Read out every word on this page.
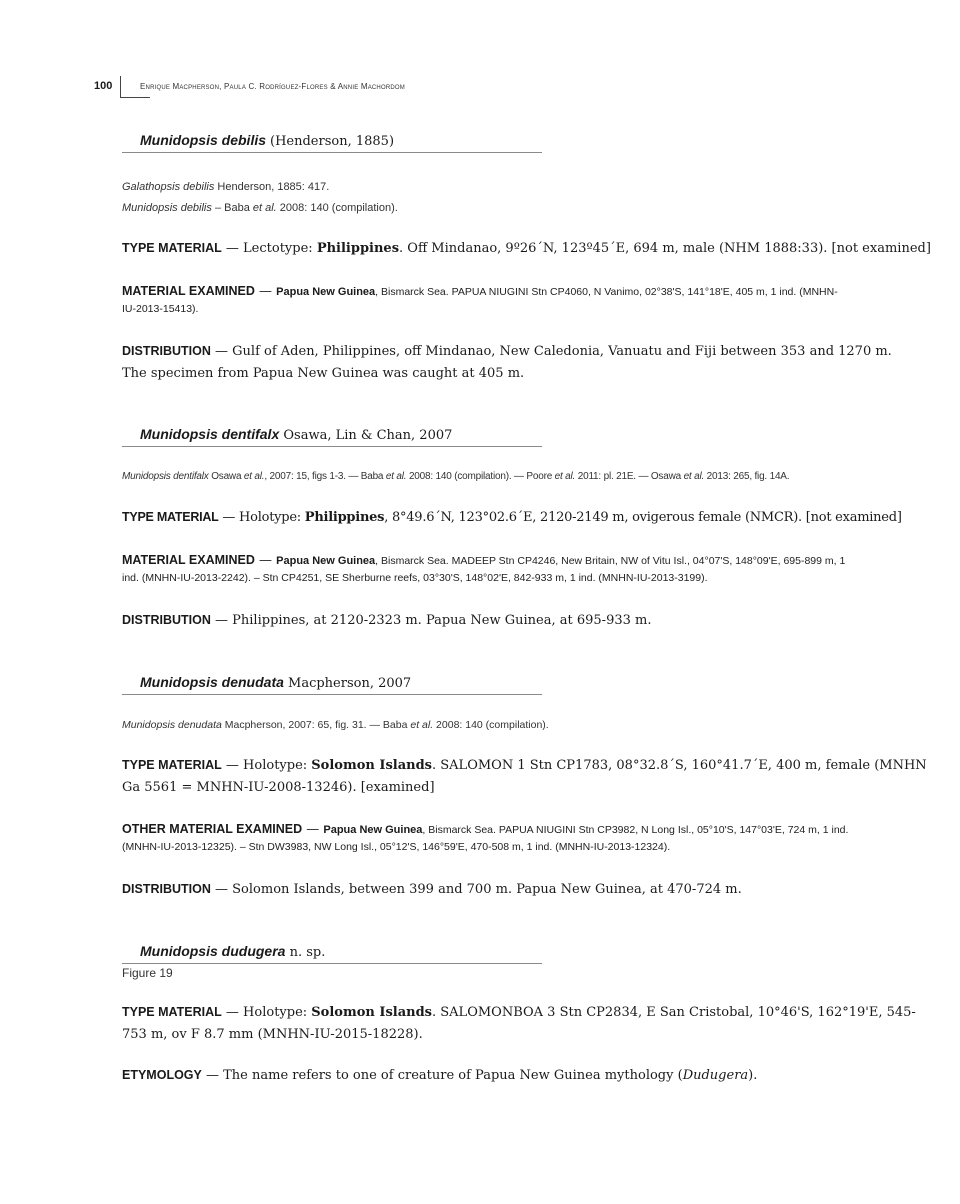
100	Enrique Macpherson, Paula C. Rodríguez-Flores & Annie Machordom
Munidopsis debilis (Henderson, 1885)
Galathopsis debilis Henderson, 1885: 417.
Munidopsis debilis – Baba et al. 2008: 140 (compilation).
TYPE MATERIAL — Lectotype: Philippines. Off Mindanao, 9º26´N, 123º45´E, 694 m, male (NHM 1888:33). [not examined]
MATERIAL EXAMINED — Papua New Guinea, Bismarck Sea. PAPUA NIUGINI Stn CP4060, N Vanimo, 02°38'S, 141°18'E, 405 m, 1 ind. (MNHN-
IU-2013-15413).
DISTRIBUTION — Gulf of Aden, Philippines, off Mindanao, New Caledonia, Vanuatu and Fiji between 353 and 1270 m.
The specimen from Papua New Guinea was caught at 405 m.
Munidopsis dentifalx Osawa, Lin & Chan, 2007
Munidopsis dentifalx Osawa et al., 2007: 15, figs 1-3. — Baba et al. 2008: 140 (compilation). — Poore et al. 2011: pl. 21E. — Osawa et al. 2013: 265, fig. 14A.
TYPE MATERIAL — Holotype: Philippines, 8°49.6´N, 123°02.6´E, 2120-2149 m, ovigerous female (NMCR). [not examined]
MATERIAL EXAMINED — Papua New Guinea, Bismarck Sea. MADEEP Stn CP4246, New Britain, NW of Vitu Isl., 04°07'S, 148°09'E, 695-899 m, 1
ind. (MNHN-IU-2013-2242). – Stn CP4251, SE Sherburne reefs, 03°30'S, 148°02'E, 842-933 m, 1 ind. (MNHN-IU-2013-3199).
DISTRIBUTION — Philippines, at 2120-2323 m. Papua New Guinea, at 695-933 m.
Munidopsis denudata Macpherson, 2007
Munidopsis denudata Macpherson, 2007: 65, fig. 31. — Baba et al. 2008: 140 (compilation).
TYPE MATERIAL — Holotype: Solomon Islands. SALOMON 1 Stn CP1783, 08°32.8´S, 160°41.7´E, 400 m, female (MNHN
Ga 5561 = MNHN-IU-2008-13246). [examined]
OTHER MATERIAL EXAMINED — Papua New Guinea, Bismarck Sea. PAPUA NIUGINI Stn CP3982, N Long Isl., 05°10'S, 147°03'E, 724 m, 1 ind.
(MNHN-IU-2013-12325). – Stn DW3983, NW Long Isl., 05°12'S, 146°59'E, 470-508 m, 1 ind. (MNHN-IU-2013-12324).
DISTRIBUTION — Solomon Islands, between 399 and 700 m. Papua New Guinea, at 470-724 m.
Munidopsis dudugera n. sp.
Figure 19
TYPE MATERIAL — Holotype: Solomon Islands. SALOMONBOA 3 Stn CP2834, E San Cristobal, 10°46'S, 162°19'E, 545-
753 m, ov F 8.7 mm (MNHN-IU-2015-18228).
ETYMOLOGY — The name refers to one of creature of Papua New Guinea mythology (Dudugera).
